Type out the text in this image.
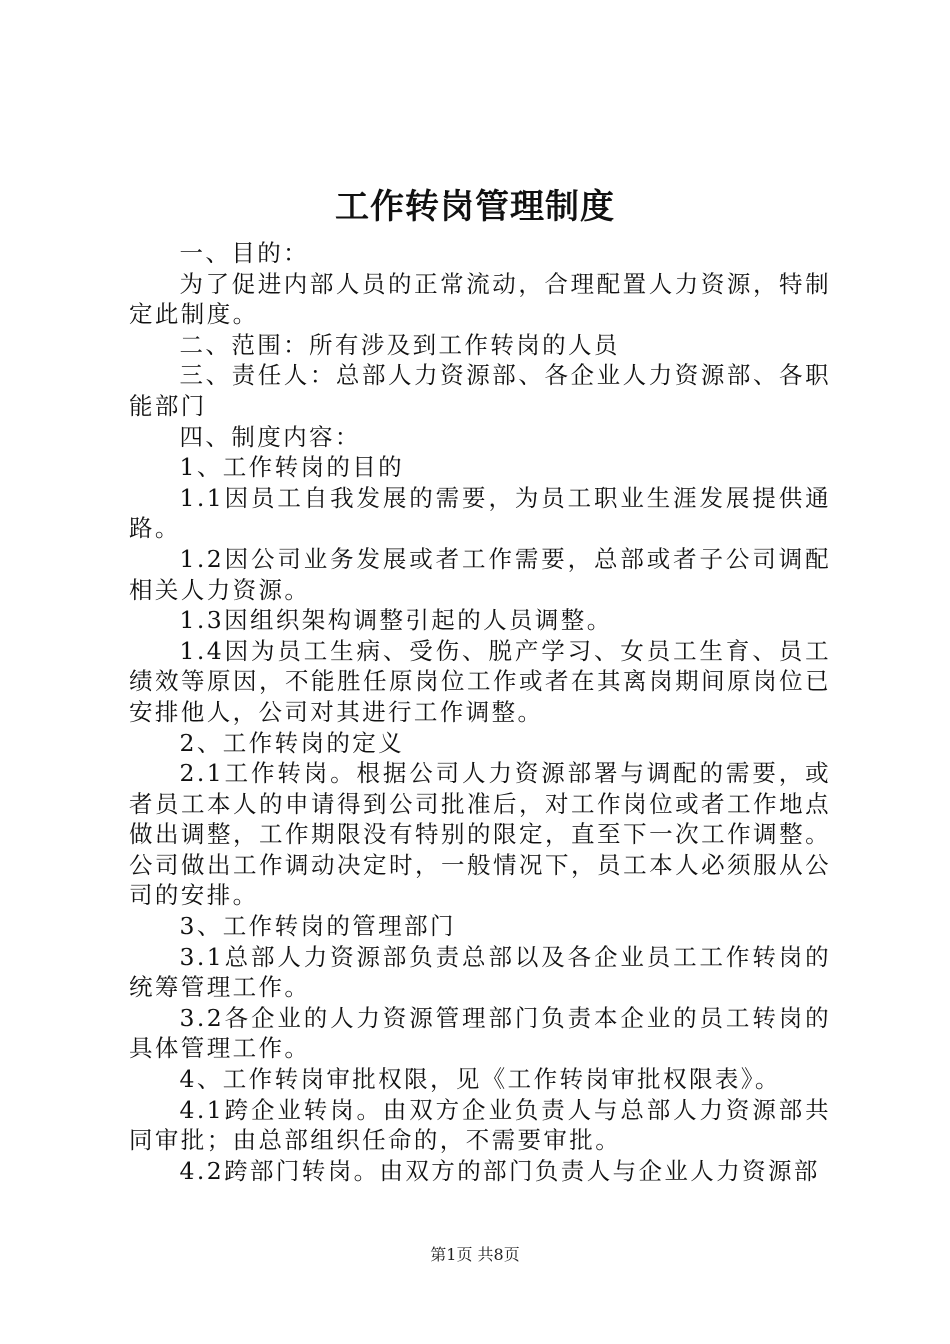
工作转岗管理制度

一、目的：

为了促进内部人员的正常流动，合理配置人力资源，特制定此制度。

二、范围：所有涉及到工作转岗的人员

三、责任人：总部人力资源部、各企业人力资源部、各职能部门

四、制度内容：

1、工作转岗的目的

1.1因员工自我发展的需要，为员工职业生涯发展提供通路。

1.2因公司业务发展或者工作需要，总部或者子公司调配相关人力资源。

1.3因组织架构调整引起的人员调整。

1.4因为员工生病、受伤、脱产学习、女员工生育、员工绩效等原因，不能胜任原岗位工作或者在其离岗期间原岗位已安排他人，公司对其进行工作调整。

2、工作转岗的定义

2.1工作转岗。根据公司人力资源部署与调配的需要，或者员工本人的申请得到公司批准后，对工作岗位或者工作地点做出调整，工作期限没有特别的限定，直至下一次工作调整。公司做出工作调动决定时，一般情况下，员工本人必须服从公司的安排。

3、工作转岗的管理部门

3.1总部人力资源部负责总部以及各企业员工工作转岗的统筹管理工作。

3.2各企业的人力资源管理部门负责本企业的员工转岗的具体管理工作。

4、工作转岗审批权限，见《工作转岗审批权限表》。

4.1跨企业转岗。由双方企业负责人与总部人力资源部共同审批；由总部组织任命的，不需要审批。

4.2跨部门转岗。由双方的部门负责人与企业人力资源部

第1页 共8页
